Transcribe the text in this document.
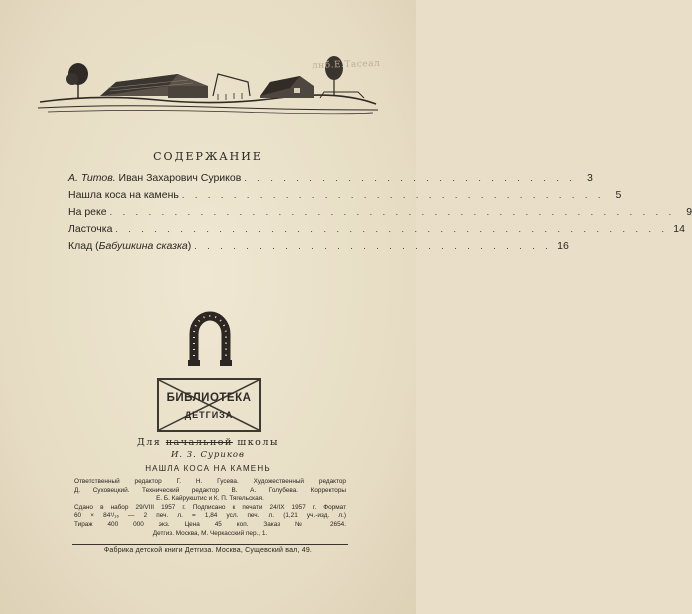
лнб.Е.Тасеал
СОДЕРЖАНИЕ
А. Титов. Иван Захарович Суриков . . . . . . . . . . . . . . . . . . . . . . . . . .	3
Нашла коса на камень . . . . . . . . . . . . . . . . . . . . . . . . . . . . . . . . .	5
На реке . . . . . . . . . . . . . . . . . . . . . . . . . . . . . . . . . . . . . . . . . . . .	9
Ласточка . . . . . . . . . . . . . . . . . . . . . . . . . . . . . . . . . . . . . . . . . . . 14
Клад (Бабушкина сказка) . . . . . . . . . . . . . . . . . . . . . . . . . . . . 16
БИБЛИОТЕКА
ДЕТГИЗА
Для начальной школы
И. З. Суриков
НАШЛА КОСА НА КАМЕНЬ
Ответственный редактор Г. Н. Гусева. Художественный редактор
Д. Суховецкий. Технический редактор В. А. Голубева. Корректоры
Е. Б. Кайрукштис и К. П. Тягельская.
Сдано в набор 29/VIII 1957 г. Подписано к печати 24/IX 1957 г. Формат
60 × 84¹/₁₆ — 2 печ. л. = 1,84 усл. печ. л. (1,21 уч.-изд. л.)
Тираж 400 000 экз. Цена 45 коп. Заказ № 2654.
Детгиз. Москва, М. Черкасский пер., 1.
Фабрика детской книги Детгиза. Москва, Сущевский вал, 49.
